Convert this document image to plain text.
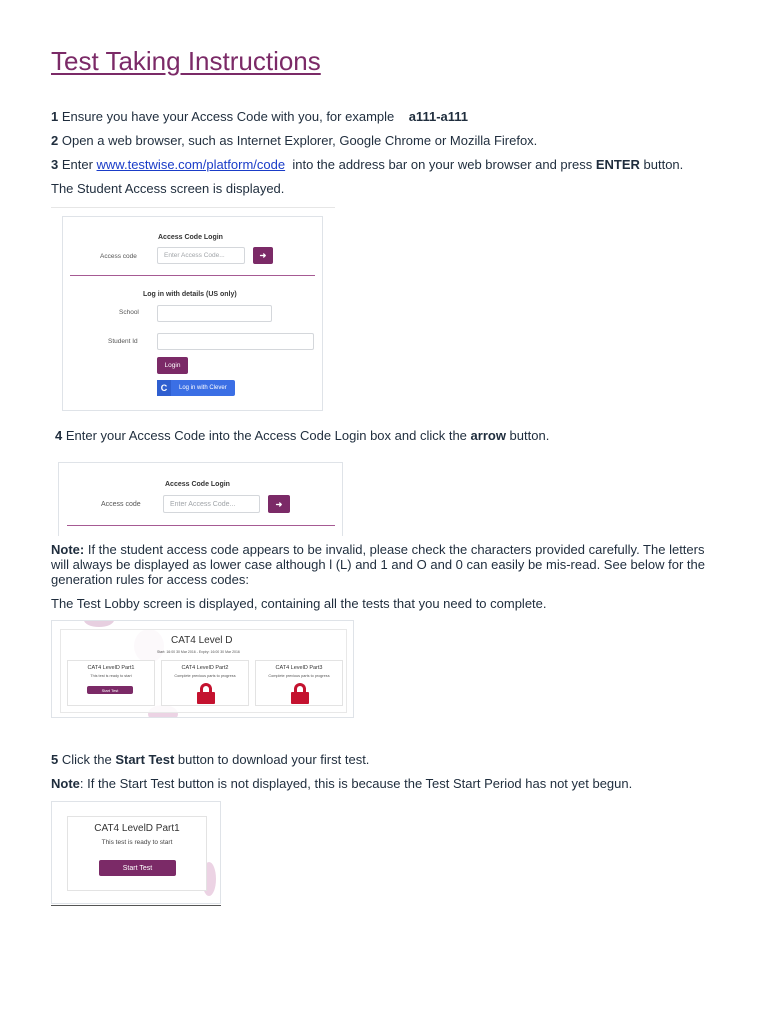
Test Taking Instructions
1 Ensure you have your Access Code with you, for example    a111-a111
2 Open a web browser, such as Internet Explorer, Google Chrome or Mozilla Firefox.
3 Enter www.testwise.com/platform/code  into the address bar on your web browser and press ENTER button.
The Student Access screen is displayed.
Access Code Login
Access code	Enter Access Code...	➜
Log in with details (US only)
School
Student Id
Login
C	Log in with Clever
4 Enter your Access Code into the Access Code Login box and click the arrow button.
Access Code Login
Access code	Enter Access Code...	➜
Note: If the student access code appears to be invalid, please check the characters provided carefully. The letters will always be displayed as lower case although l (L) and 1 and O and 0 can easily be mis-read. See below for the generation rules for access codes:
The Test Lobby screen is displayed, containing all the tests that you need to complete.
CAT4 Level D
Start: 16:00 30 Mar 2016 - Expiry: 16:00 30 Mar 2016
CAT4 LevelD Part1
This test is ready to start
Start Test
CAT4 LevelD Part2
Complete previous parts to progress
CAT4 LevelD Part3
Complete previous parts to progress
5 Click the Start Test button to download your first test.
Note: If the Start Test button is not displayed, this is because the Test Start Period has not yet begun.
CAT4 LevelD Part1
This test is ready to start
Start Test
